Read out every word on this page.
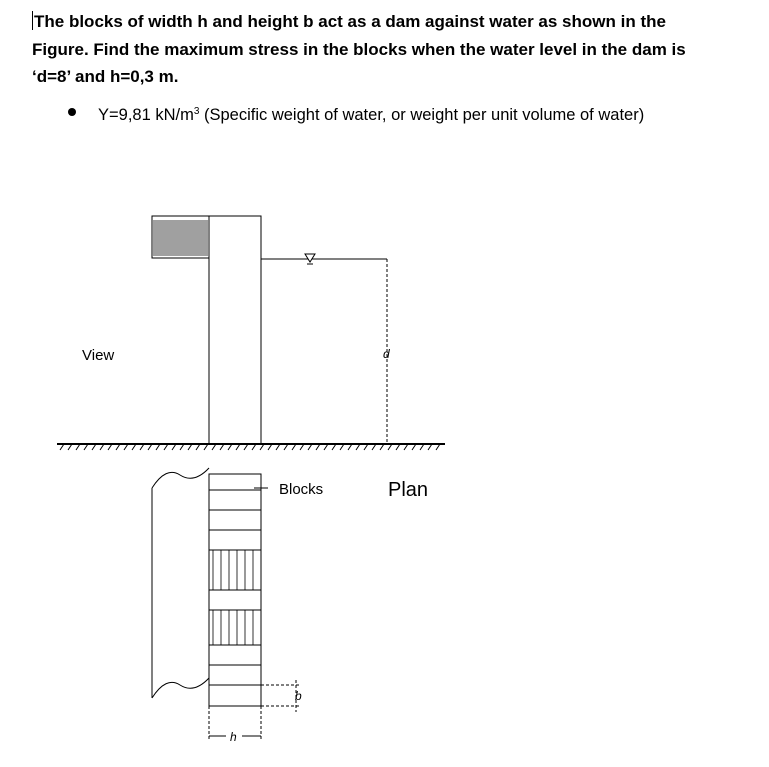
The blocks of width h and height b act as a dam against water as shown in the
Figure. Find the maximum stress in the blocks when the water level in the dam is
‘d=8’ and h=0,3 m.
Υ=9,81 $kN/m^3$ (Specific weight of water, or weight per unit volume of water)
View	d
Blocks	Plan
b
h
